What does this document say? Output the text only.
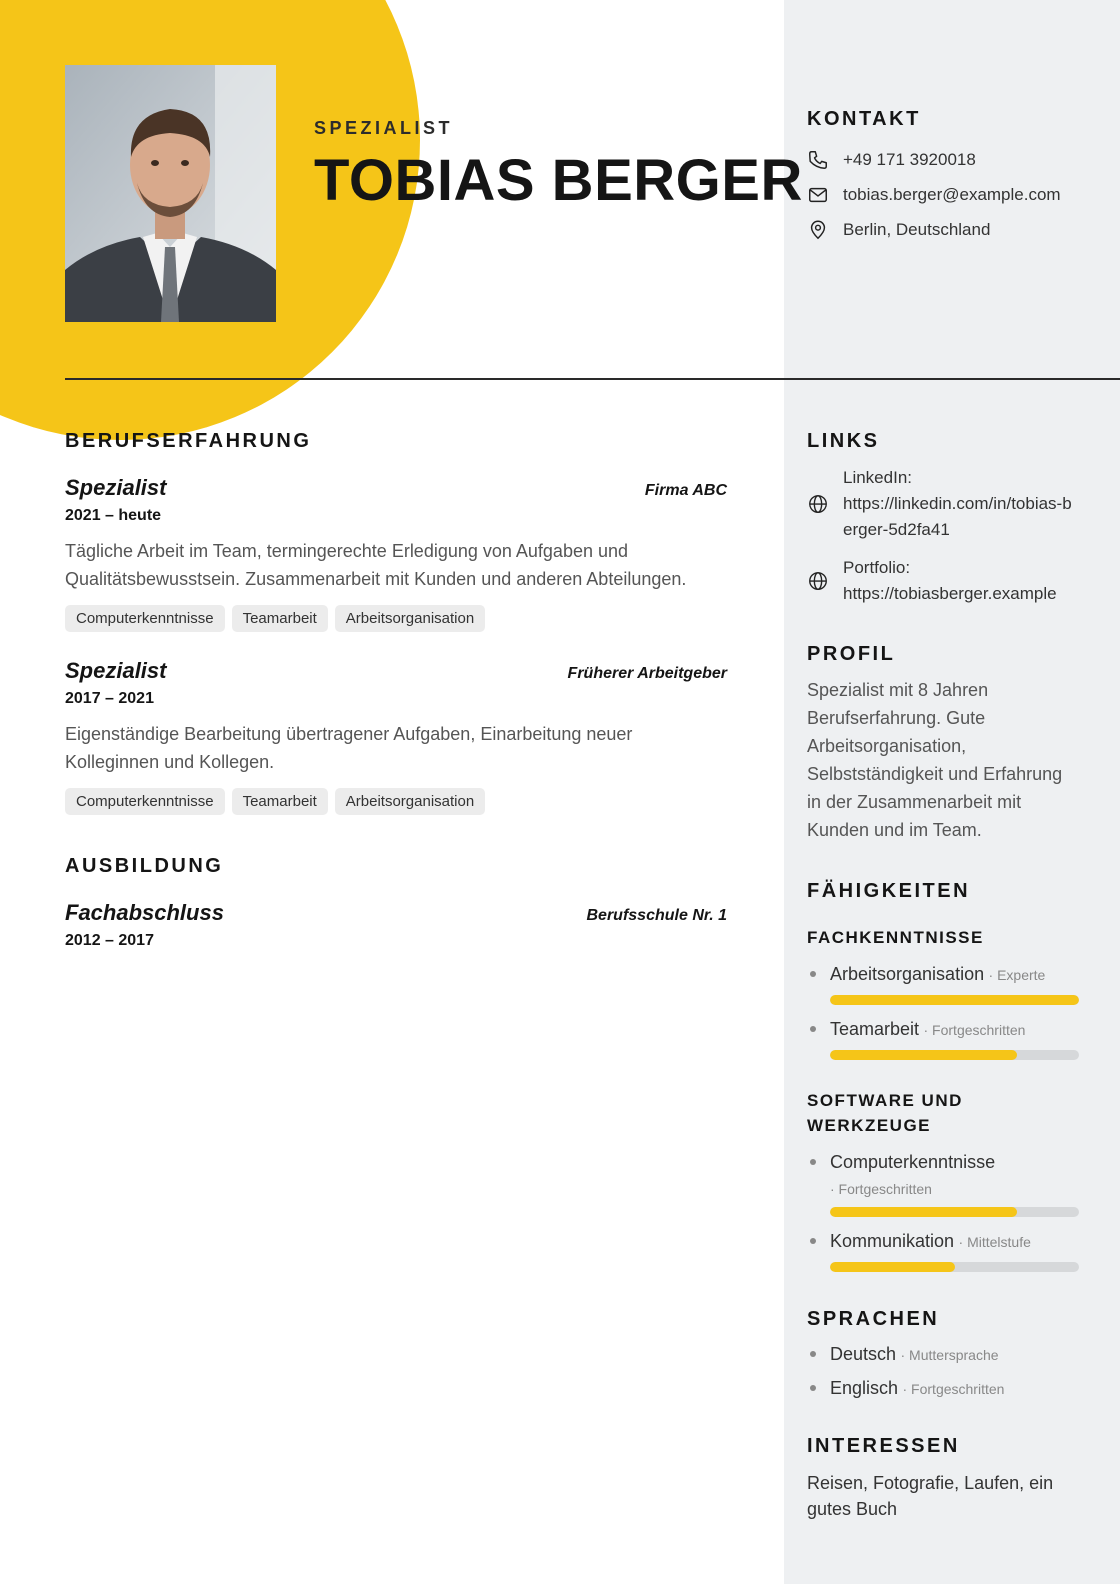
SPEZIALIST
TOBIAS BERGER
KONTAKT
+49 171 3920018
tobias.berger@example.com
Berlin, Deutschland
BERUFSERFAHRUNG
Spezialist	Firma ABC
2021 – heute
Tägliche Arbeit im Team, termingerechte Erledigung von Aufgaben und Qualitätsbewusstsein. Zusammenarbeit mit Kunden und anderen Abteilungen.
Computerkenntnisse	Teamarbeit	Arbeitsorganisation
Spezialist	Früherer Arbeitgeber
2017 – 2021
Eigenständige Bearbeitung übertragener Aufgaben, Einarbeitung neuer Kolleginnen und Kollegen.
Computerkenntnisse	Teamarbeit	Arbeitsorganisation
AUSBILDUNG
Fachabschluss	Berufsschule Nr. 1
2012 – 2017
LINKS
LinkedIn:
https://linkedin.com/in/tobias-berger-5d2fa41
Portfolio:
https://tobiasberger.example
PROFIL
Spezialist mit 8 Jahren Berufserfahrung. Gute Arbeitsorganisation, Selbstständigkeit und Erfahrung in der Zusammenarbeit mit Kunden und im Team.
FÄHIGKEITEN
FACHKENNTNISSE
Arbeitsorganisation
· Experte
Teamarbeit
· Fortgeschritten
SOFTWARE UND WERKZEUGE
Computerkenntnisse
· Fortgeschritten
Kommunikation
· Mittelstufe
SPRACHEN
Deutsch
· Muttersprache
Englisch
· Fortgeschritten
INTERESSEN
Reisen, Fotografie, Laufen, ein gutes Buch
